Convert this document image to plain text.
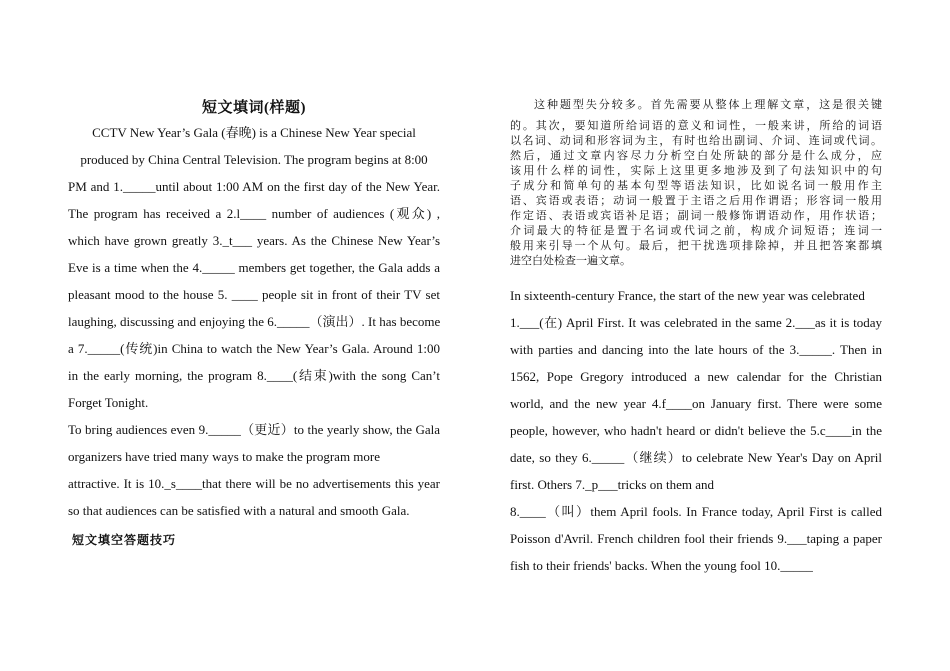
短文填词(样题)
CCTV New Year’s Gala (春晚) is a Chinese New Year special
produced by China Central Television. The program begins at 8:00
PM and 1._____until about 1:00 AM on the first day of the New Year.
The program has received a 2.l____ number of audiences (观众) ,
which have grown greatly 3._t___ years. As the Chinese New Year’s
Eve is a time when the 4._____ members get together, the Gala adds a
pleasant mood to the house 5. ____ people sit in front of their TV set
laughing, discussing and enjoying the 6._____（演出）. It has become
a 7._____(传统)in China to watch the New Year’s Gala. Around 1:00
in the early morning, the program 8.____(结束)with the song Can’t
Forget Tonight.
To bring audiences even 9._____（更近）to the yearly show, the Gala
organizers have tried many ways to make the program more
attractive. It is 10._s____that there will be no advertisements this year
so that audiences can be satisfied with a natural and smooth Gala.
短文填空答题技巧
这种题型失分较多。首先需要从整体上理解文章，这是很关键
的。其次，要知道所给词语的意义和词性，一般来讲，所给的词语
以名词、动词和形容词为主，有时也给出副词、介词、连词或代词。
然后，通过文章内容尽力分析空白处所缺的部分是什么成分，应
该用什么样的词性，实际上这里更多地涉及到了句法知识中的句
子成分和简单句的基本句型等语法知识，比如说名词一般用作主
语、宾语或表语；动词一般置于主语之后用作谓语；形容词一般用
作定语、表语或宾语补足语；副词一般修饰谓语动作，用作状语；
介词最大的特征是置于名词或代词之前，构成介词短语；连词一
般用来引导一个从句。最后，把干扰选项排除掉，并且把答案都填
进空白处检查一遍文章。
In sixteenth-century France, the start of the new year was celebrated
1.___(在) April First. It was celebrated in the same 2.___as it is today
with parties and dancing into the late hours of the 3._____. Then in
1562, Pope Gregory introduced a new calendar for the Christian
world, and the new year 4.f____on January first. There were some
people, however, who hadn't heard or didn't believe the 5.c____in the
date, so they 6._____（继续）to celebrate New Year's Day on April
first. Others 7._p___tricks on them and
8.____（叫）them April fools. In France today, April First is called
Poisson d'Avril. French children fool their friends 9.___taping a paper
fish to their friends' backs. When the young fool 10._____
